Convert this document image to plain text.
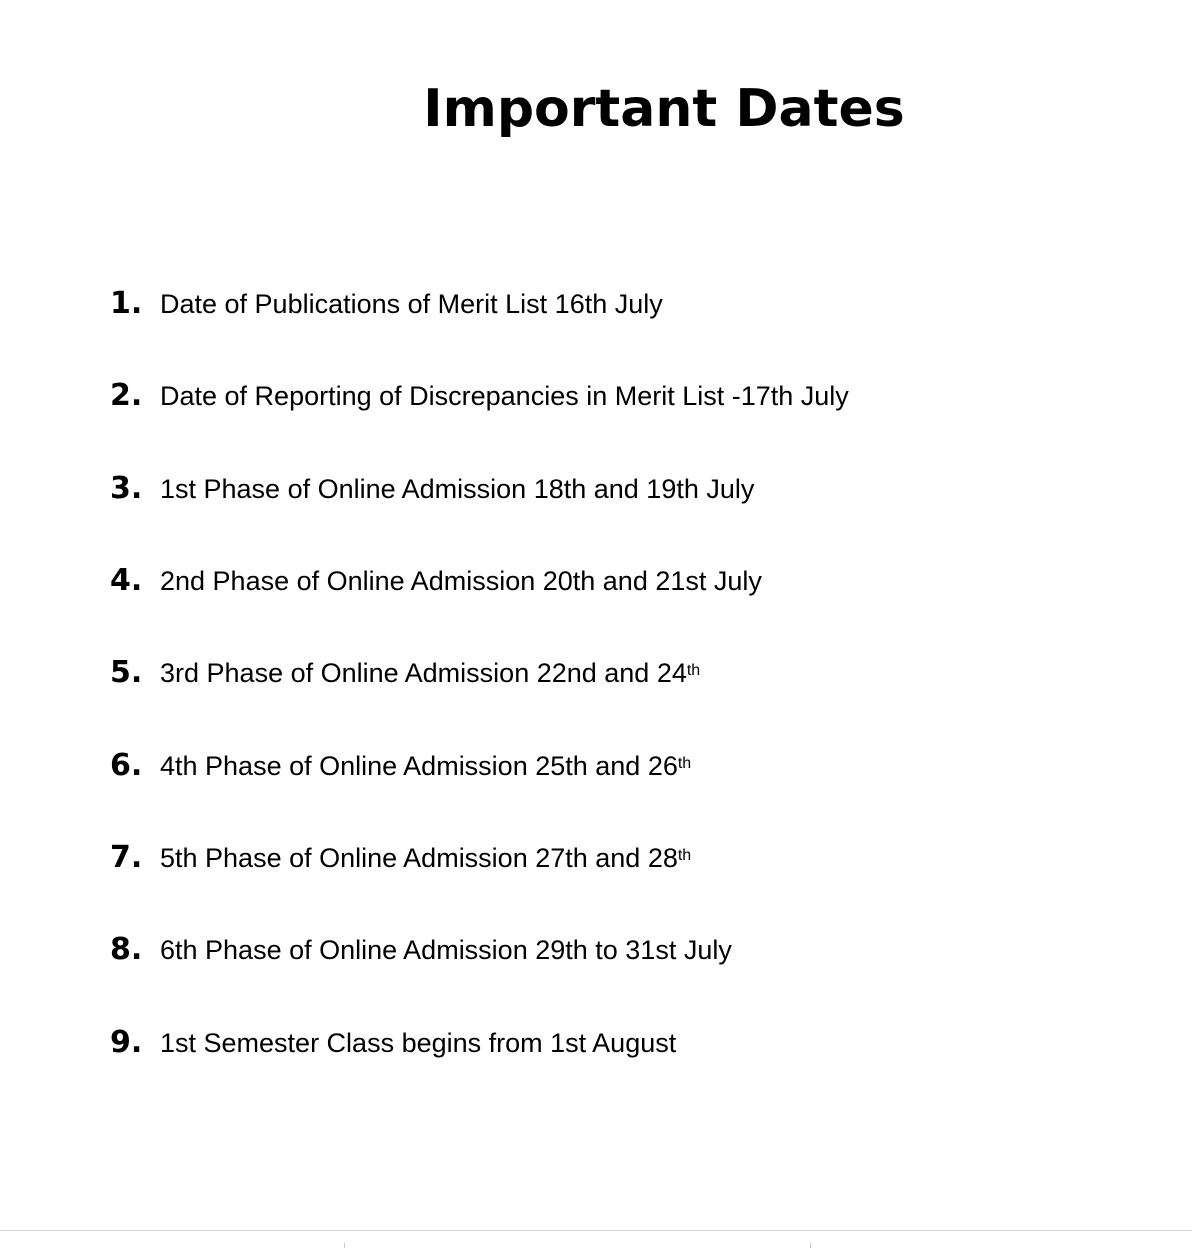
Important Dates
1. Date of Publications of Merit List 16th July
2. Date of Reporting of Discrepancies in Merit List -17th July
3. 1st Phase of Online Admission 18th and 19th July
4. 2nd Phase of Online Admission 20th and 21st July
5. 3rd Phase of Online Admission 22nd and 24th
6. 4th Phase of Online Admission 25th and 26th
7. 5th Phase of Online Admission 27th and 28th
8. 6th Phase of Online Admission 29th to 31st July
9. 1st Semester Class begins from 1st August
